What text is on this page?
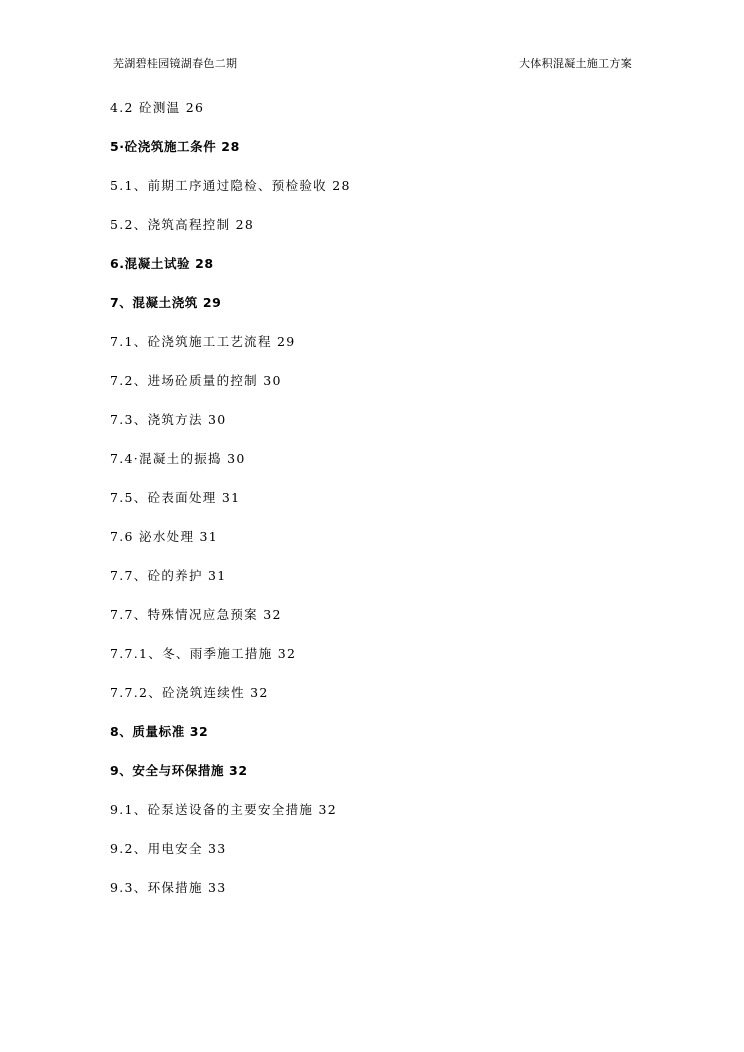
芜湖碧桂园镜湖春色二期	大体积混凝土施工方案
4.2 砼测温 26
5·砼浇筑施工条件 28
5.1、前期工序通过隐检、预检验收 28
5.2、浇筑高程控制 28
6.混凝土试验 28
7、混凝土浇筑 29
7.1、砼浇筑施工工艺流程 29
7.2、进场砼质量的控制 30
7.3、浇筑方法 30
7.4·混凝土的振捣 30
7.5、砼表面处理 31
7.6 泌水处理 31
7.7、砼的养护 31
7.7、特殊情况应急预案 32
7.7.1、冬、雨季施工措施 32
7.7.2、砼浇筑连续性 32
8、质量标准 32
9、安全与环保措施 32
9.1、砼泵送设备的主要安全措施 32
9.2、用电安全 33
9.3、环保措施 33
